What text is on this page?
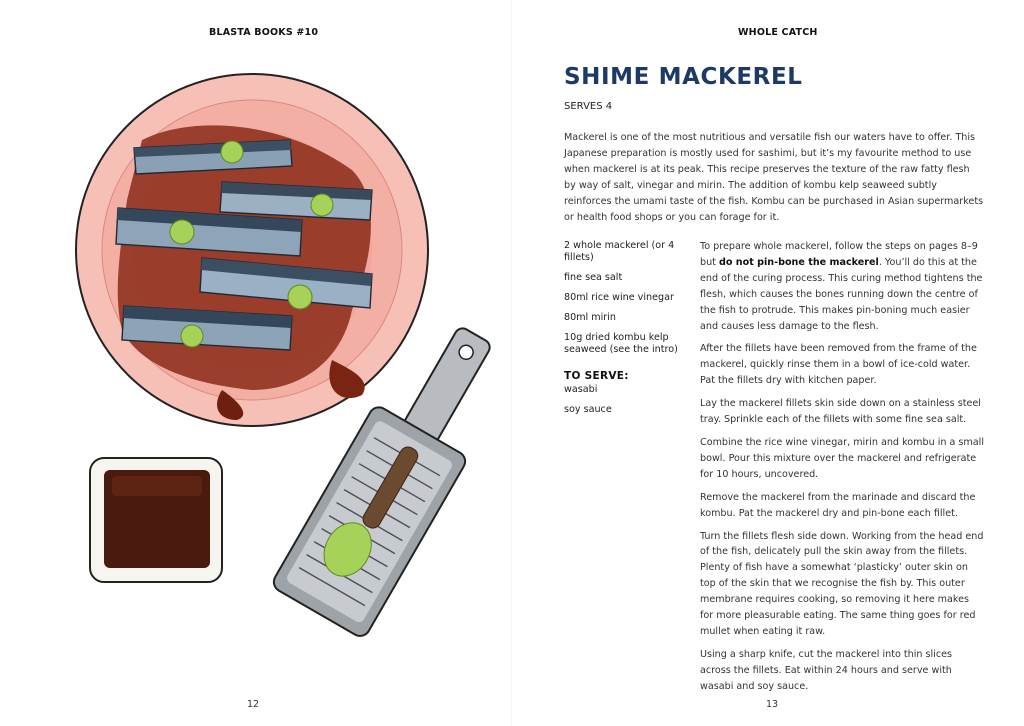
BLASTA BOOKS #10
12
WHOLE CATCH
SHIME MACKEREL
SERVES 4

Mackerel is one of the most nutritious and versatile fish our waters have to offer. This Japanese preparation is mostly used for sashimi, but it’s my favourite method to use when mackerel is at its peak. This recipe preserves the texture of the raw fatty flesh by way of salt, vinegar and mirin. The addition of kombu kelp seaweed subtly reinforces the umami taste of the fish. Kombu can be purchased in Asian supermarkets or health food shops or you can forage for it.

2 whole mackerel (or 4 fillets)
fine sea salt
80ml rice wine vinegar
80ml mirin
10g dried kombu kelp seaweed (see the intro)
TO SERVE:
wasabi
soy sauce

To prepare whole mackerel, follow the steps on pages 8–9 but do not pin-bone the mackerel. You’ll do this at the end of the curing process. This curing method tightens the flesh, which causes the bones running down the centre of the fish to protrude. This makes pin-boning much easier and causes less damage to the flesh.

After the fillets have been removed from the frame of the mackerel, quickly rinse them in a bowl of ice-cold water. Pat the fillets dry with kitchen paper.

Lay the mackerel fillets skin side down on a stainless steel tray. Sprinkle each of the fillets with some fine sea salt.

Combine the rice wine vinegar, mirin and kombu in a small bowl. Pour this mixture over the mackerel and refrigerate for 10 hours, uncovered.

Remove the mackerel from the marinade and discard the kombu. Pat the mackerel dry and pin-bone each fillet.

Turn the fillets flesh side down. Working from the head end of the fish, delicately pull the skin away from the fillets. Plenty of fish have a somewhat ‘plasticky’ outer skin on top of the skin that we recognise the fish by. This outer membrane requires cooking, so removing it here makes for more pleasurable eating. The same thing goes for red mullet when eating it raw.

Using a sharp knife, cut the mackerel into thin slices across the fillets. Eat within 24 hours and serve with wasabi and soy sauce.

13
